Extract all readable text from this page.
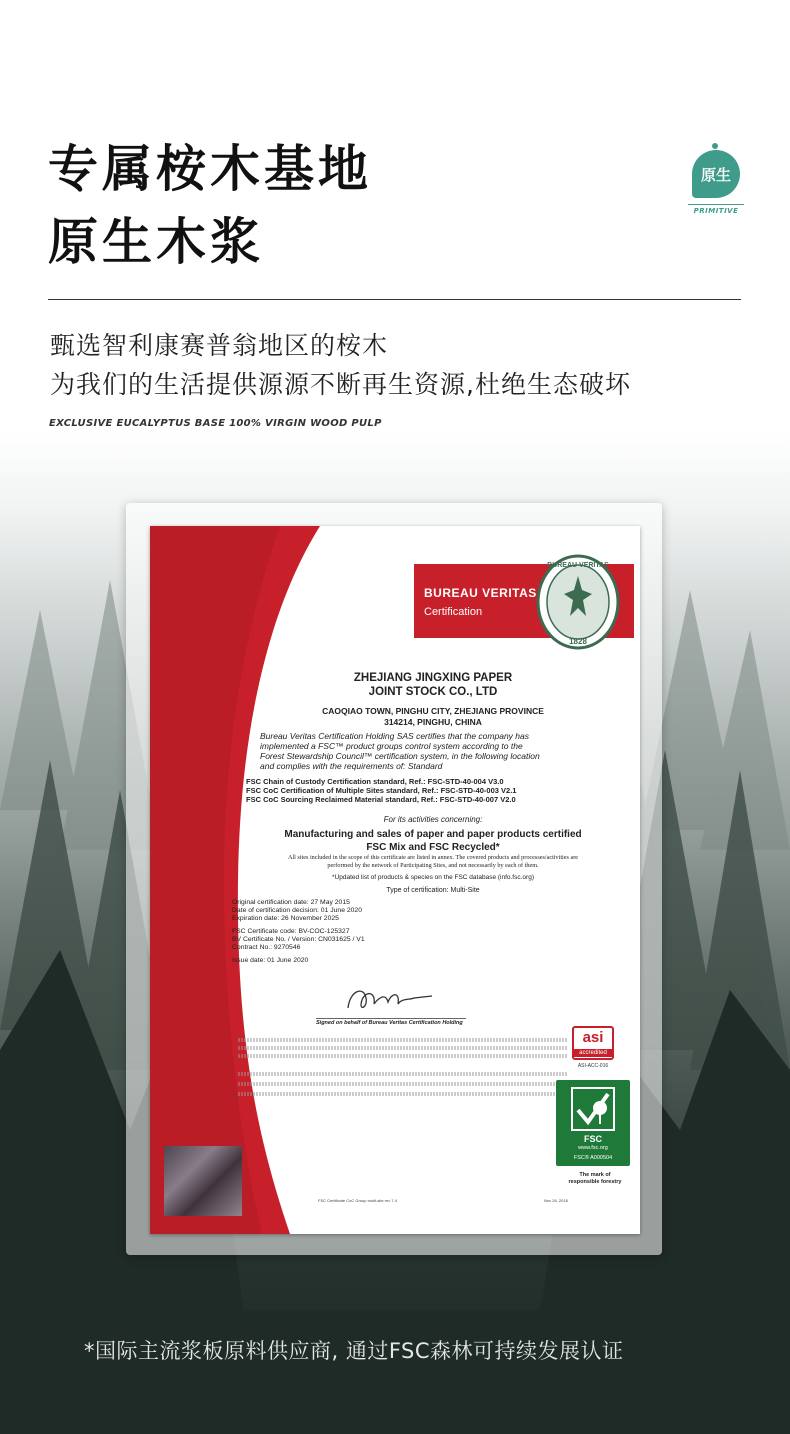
专属桉木基地
原生木浆
原生
PRIMITIVE
甄选智利康赛普翁地区的桉木
为我们的生活提供源源不断再生资源,杜绝生态破坏
EXCLUSIVE EUCALYPTUS BASE 100% VIRGIN WOOD PULP
BUREAU VERITAS
Certification
BUREAU VERITAS
1828
ZHEJIANG JINGXING PAPER
JOINT STOCK CO., LTD
CAOQIAO TOWN, PINGHU CITY, ZHEJIANG PROVINCE
314214, PINGHU, CHINA
Bureau Veritas Certification Holding SAS certifies that the company has
implemented a FSC™ product groups control system according to the
Forest Stewardship Council™ certification system, in the following location
and complies with the requirements of: Standard
FSC Chain of Custody Certification standard, Ref.: FSC-STD-40-004 V3.0
FSC CoC Certification of Multiple Sites standard, Ref.: FSC-STD-40-003 V2.1
FSC CoC Sourcing Reclaimed Material standard, Ref.: FSC-STD-40-007 V2.0
For its activities concerning:
Manufacturing and sales of paper and paper products certified
FSC Mix and FSC Recycled*
All sites included in the scope of this certificate are listed in annex. The covered products and processes/activities are
performed by the network of Participating Sites, and not necessarily by each of them.
*Updated list of products & species on the FSC database (info.fsc.org)
Type of certification: Multi-Site
Original certification date: 27 May 2015
Date of certification decision: 01 June 2020
Expiration date: 26 November 2025
FSC Certificate code: BV-COC-125327
BV Certificate No. / Version: CN031625 / V1
Contract No.: 9270546
Issue date: 01 June 2020
Signed on behalf of Bureau Veritas Certification Holding
asi
accredited
ASI-ACC-016
FSC
www.fsc.org
FSC® A000504
The mark of
responsible forestry
FSC Certificate CoC Group multi-site rev 7.4	Nov 26, 2018
*国际主流浆板原料供应商, 通过FSC森林可持续发展认证
